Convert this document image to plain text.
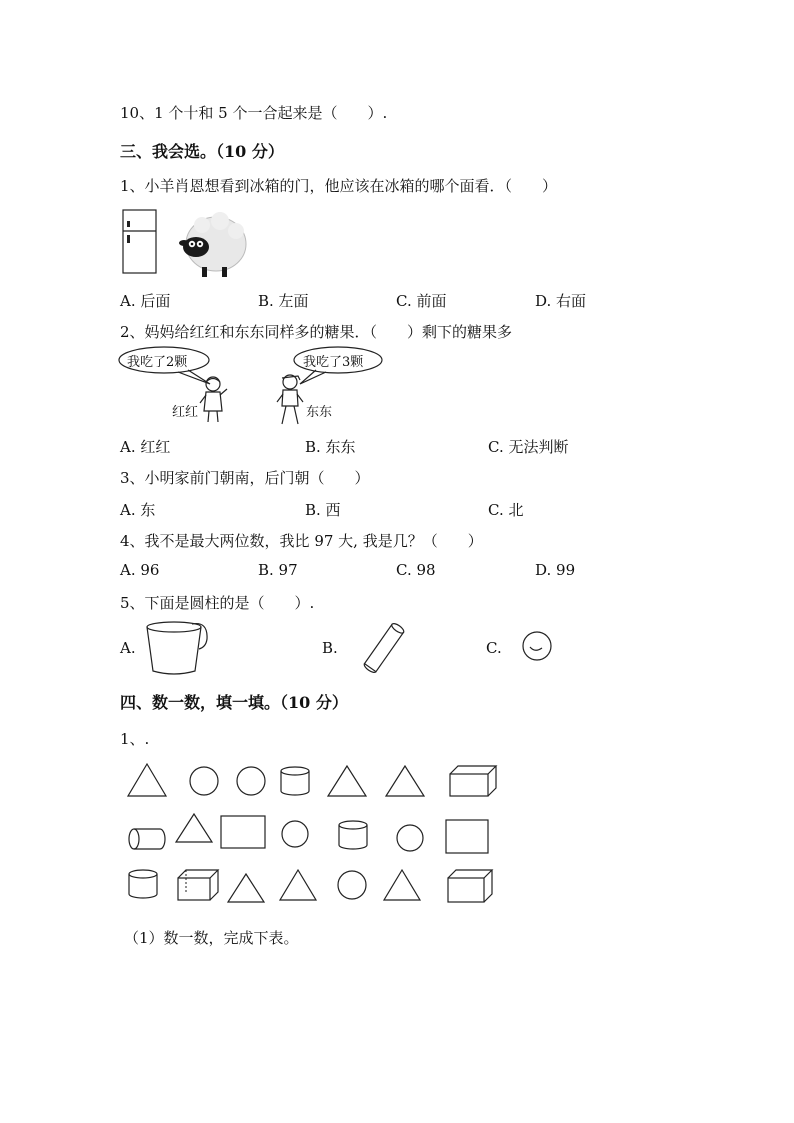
10、1 个十和 5 个一合起来是（　　）.
三、我会选。（10 分）
1、小羊肖恩想看到冰箱的门，他应该在冰箱的哪个面看．（　　）
A. 后面	B. 左面	C. 前面	D. 右面
2、妈妈给红红和东东同样多的糖果．（　　）剩下的糖果多
我吃了2颗	我吃了3颗
红红	东东
A. 红红	B. 东东	C. 无法判断
3、小明家前门朝南，后门朝（　　）
A. 东	B. 西	C. 北
4、我不是最大两位数，我比 97 大, 我是几？（　　）
A. 96	B. 97	C. 98	D. 99
5、下面是圆柱的是（　　）.
A.	B.	C.
四、数一数，填一填。（10 分）
1、.
（1）数一数，完成下表。
